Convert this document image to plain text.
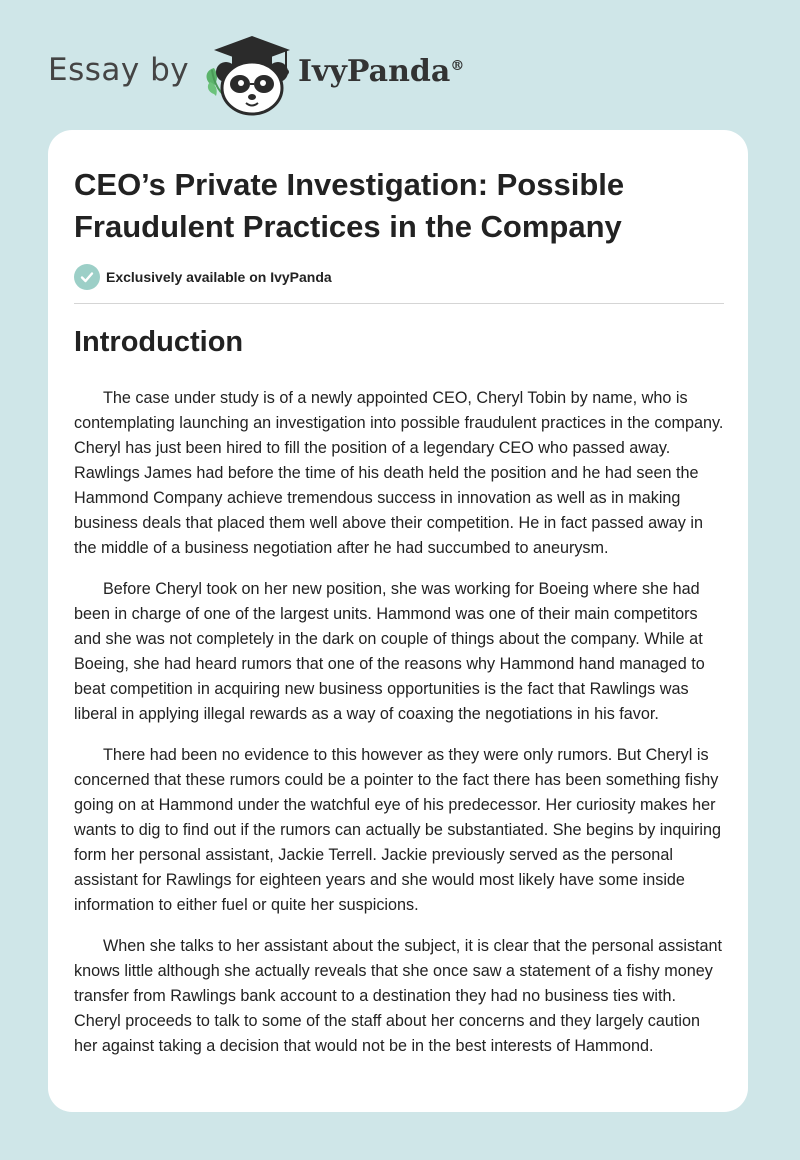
Essay by	IvyPanda®
CEO’s Private Investigation: Possible Fraudulent Practices in the Company
Exclusively available on IvyPanda
Introduction

The case under study is of a newly appointed CEO, Cheryl Tobin by name, who is contemplating launching an investigation into possible fraudulent practices in the company. Cheryl has just been hired to fill the position of a legendary CEO who passed away. Rawlings James had before the time of his death held the position and he had seen the Hammond Company achieve tremendous success in innovation as well as in making business deals that placed them well above their competition. He in fact passed away in the middle of a business negotiation after he had succumbed to aneurysm.

Before Cheryl took on her new position, she was working for Boeing where she had been in charge of one of the largest units. Hammond was one of their main competitors and she was not completely in the dark on couple of things about the company. While at Boeing, she had heard rumors that one of the reasons why Hammond hand managed to beat competition in acquiring new business opportunities is the fact that Rawlings was liberal in applying illegal rewards as a way of coaxing the negotiations in his favor.

There had been no evidence to this however as they were only rumors. But Cheryl is concerned that these rumors could be a pointer to the fact there has been something fishy going on at Hammond under the watchful eye of his predecessor. Her curiosity makes her wants to dig to find out if the rumors can actually be substantiated. She begins by inquiring form her personal assistant, Jackie Terrell. Jackie previously served as the personal assistant for Rawlings for eighteen years and she would most likely have some inside information to either fuel or quite her suspicions.

When she talks to her assistant about the subject, it is clear that the personal assistant knows little although she actually reveals that she once saw a statement of a fishy money transfer from Rawlings bank account to a destination they had no business ties with. Cheryl proceeds to talk to some of the staff about her concerns and they largely caution her against taking a decision that would not be in the best interests of Hammond.
